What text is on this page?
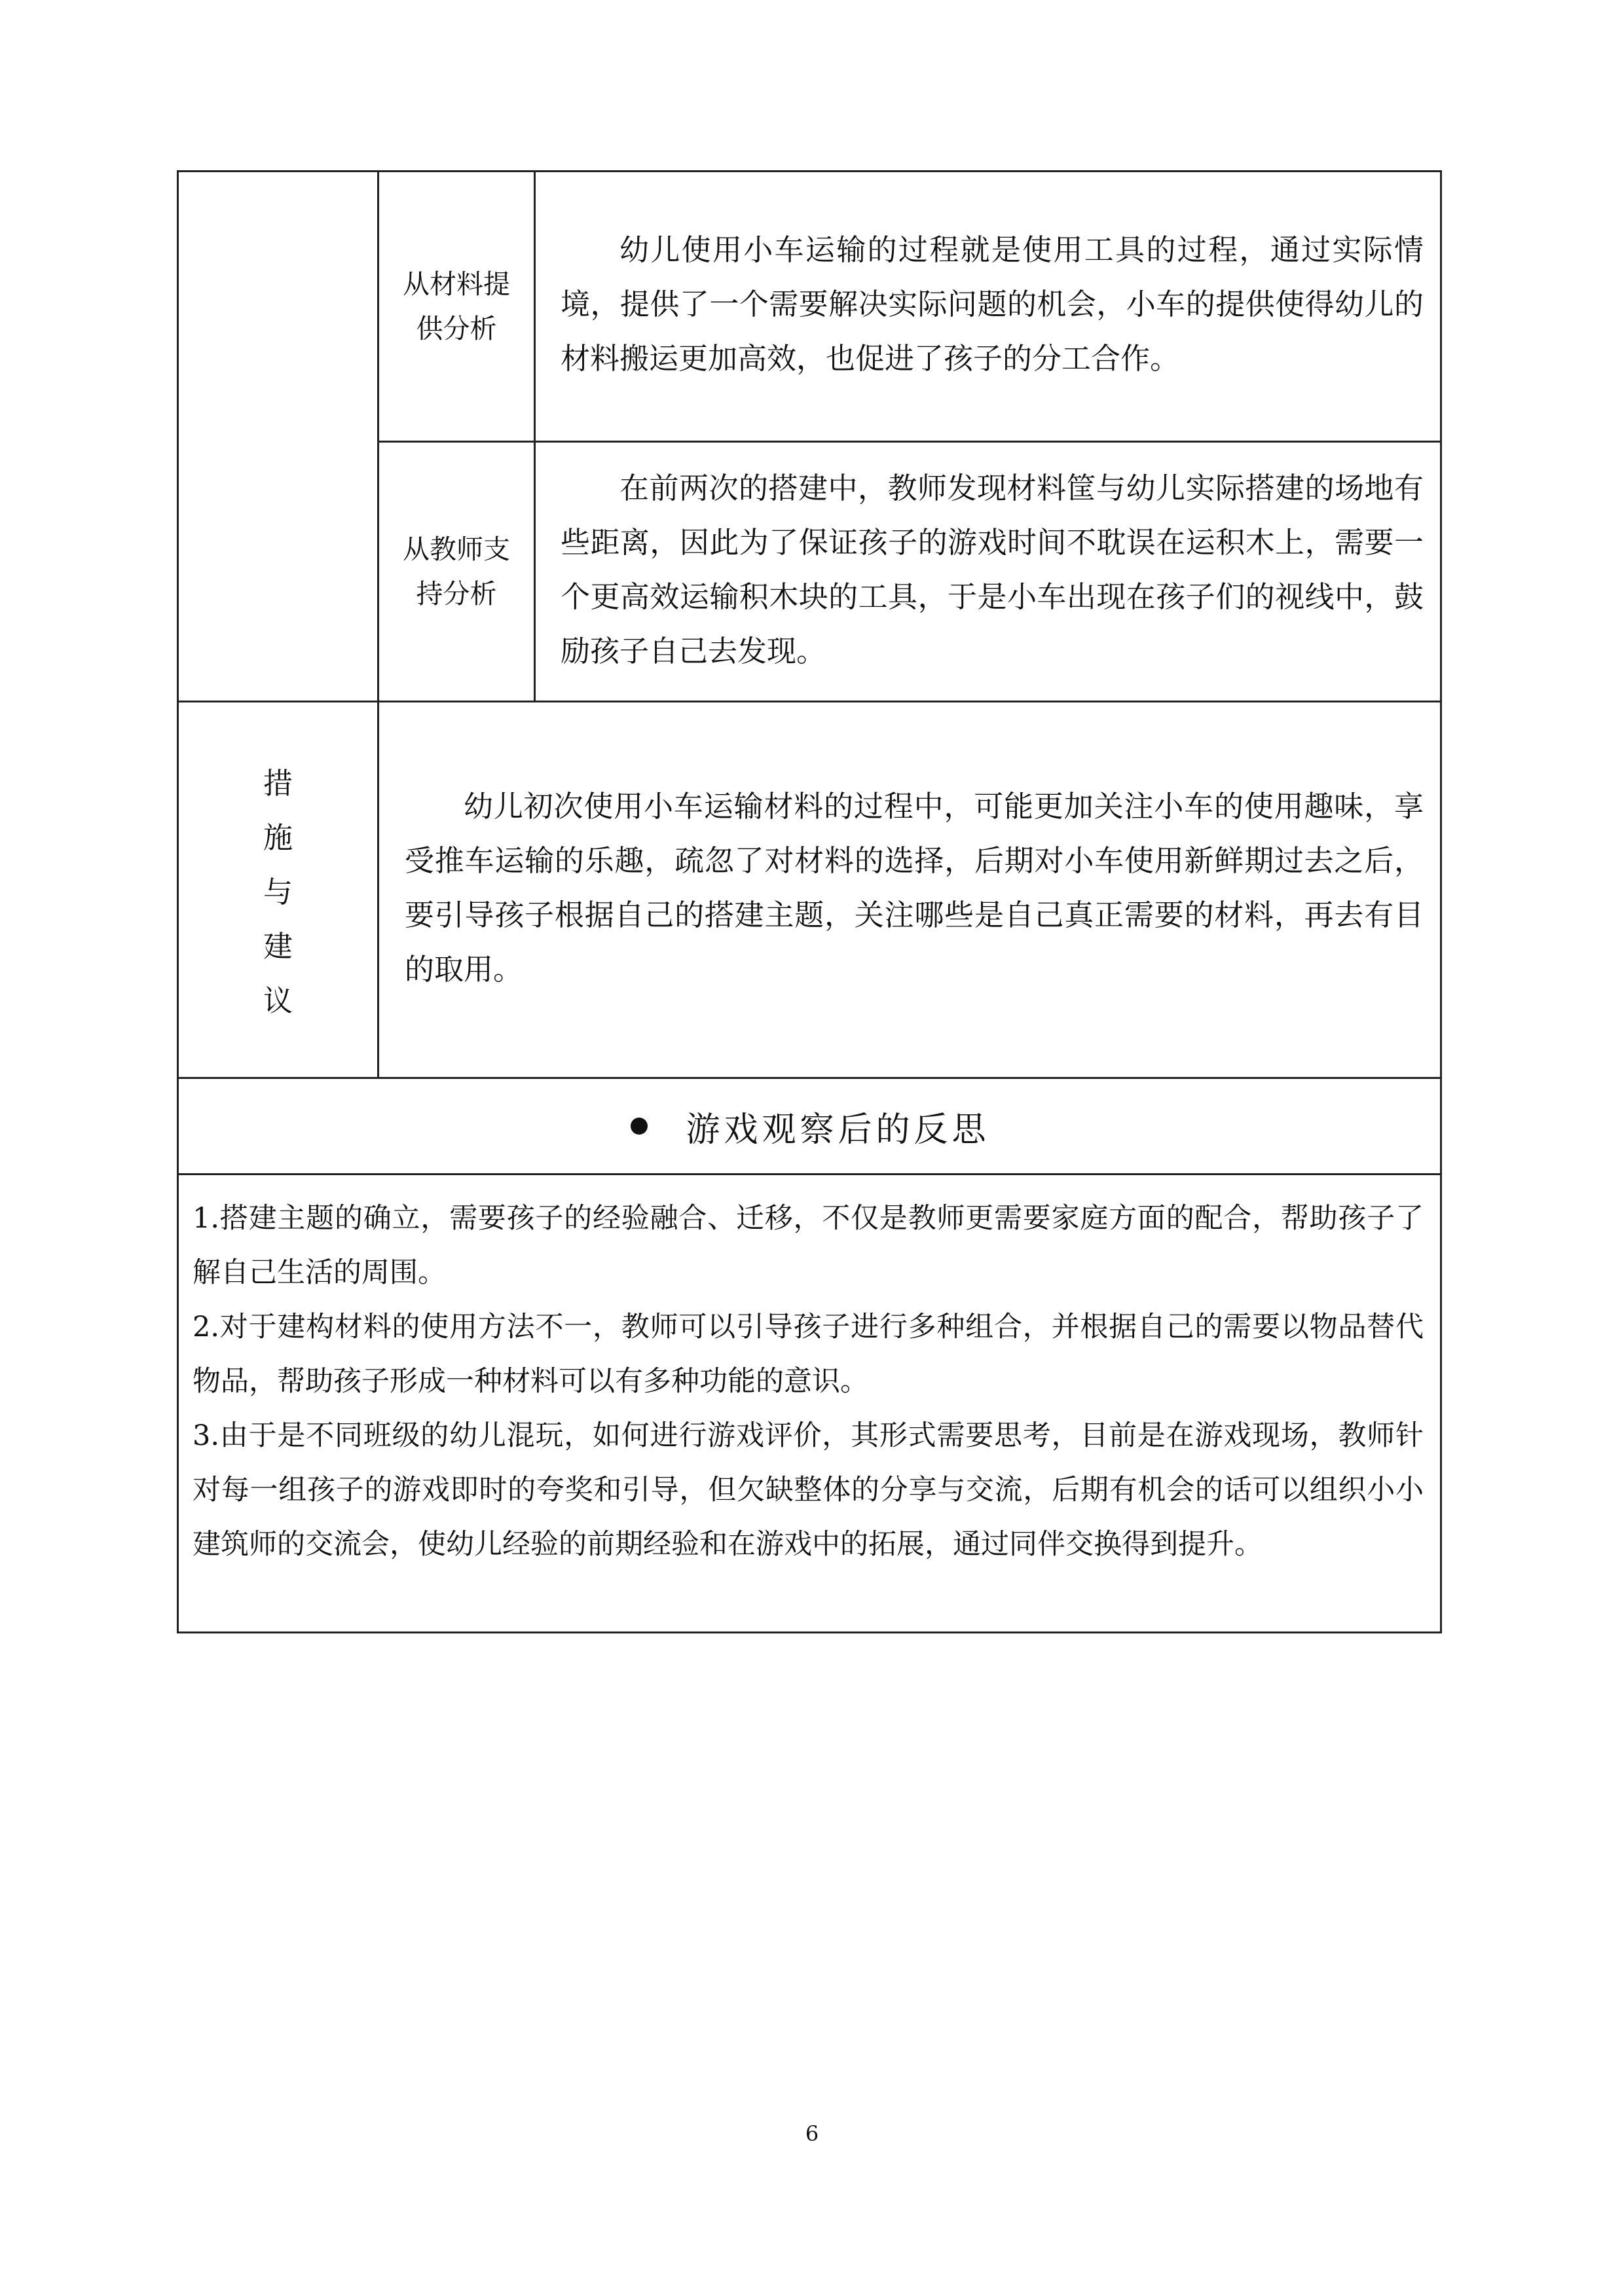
从材料提供分析
幼儿使用小车运输的过程就是使用工具的过程，通过实际情境，提供了一个需要解决实际问题的机会，小车的提供使得幼儿的材料搬运更加高效，也促进了孩子的分工合作。
从教师支持分析
在前两次的搭建中，教师发现材料筐与幼儿实际搭建的场地有些距离，因此为了保证孩子的游戏时间不耽误在运积木上，需要一个更高效运输积木块的工具，于是小车出现在孩子们的视线中，鼓励孩子自己去发现。
措
施
与
建
议
幼儿初次使用小车运输材料的过程中，可能更加关注小车的使用趣味，享受推车运输的乐趣，疏忽了对材料的选择，后期对小车使用新鲜期过去之后，要引导孩子根据自己的搭建主题，关注哪些是自己真正需要的材料，再去有目的取用。
游戏观察后的反思

1.搭建主题的确立，需要孩子的经验融合、迁移，不仅是教师更需要家庭方面的配合，帮助孩子了解自己生活的周围。

2.对于建构材料的使用方法不一，教师可以引导孩子进行多种组合，并根据自己的需要以物品替代物品，帮助孩子形成一种材料可以有多种功能的意识。

3.由于是不同班级的幼儿混玩，如何进行游戏评价，其形式需要思考，目前是在游戏现场，教师针对每一组孩子的游戏即时的夸奖和引导，但欠缺整体的分享与交流，后期有机会的话可以组织小小建筑师的交流会，使幼儿经验的前期经验和在游戏中的拓展，通过同伴交换得到提升。

6
